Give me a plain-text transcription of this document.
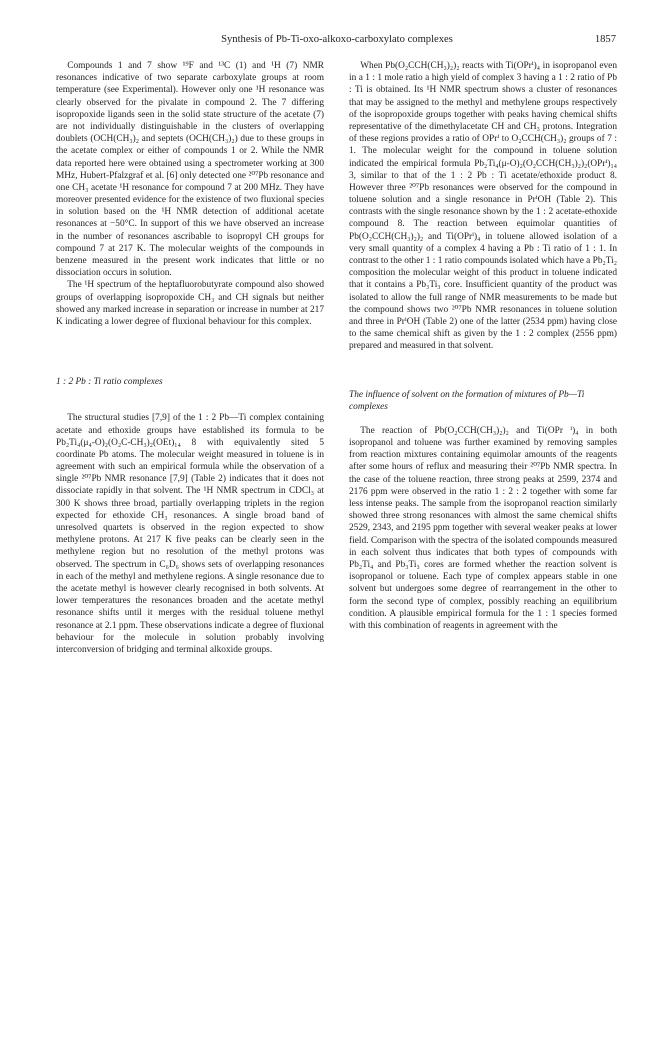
Synthesis of Pb-Ti-oxo-alkoxo-carboxylato complexes	1857

Compounds 1 and 7 show ¹⁹F and ¹³C (1) and ¹H (7) NMR resonances indicative of two separate carboxylate groups at room temperature (see Experimental). However only one ¹H resonance was clearly observed for the pivalate in compound 2. The 7 differing isopropoxide ligands seen in the solid state structure of the acetate (7) are not individually distinguishable in the clusters of overlapping doublets (OCH(CH₃)₂ and septets (OCH(CH₃)₂) due to these groups in the acetate complex or either of compounds 1 or 2. While the NMR data reported here were obtained using a spectrometer working at 300 MHz, Hubert-Pfalzgraf et al. [6] only detected one ²⁰⁷Pb resonance and one CH₃ acetate ¹H resonance for compound 7 at 200 MHz. They have moreover presented evidence for the existence of two fluxional species in solution based on the ¹H NMR detection of additional acetate resonances at −50°C. In support of this we have observed an increase in the number of resonances ascribable to isopropyl CH groups for compound 7 at 217 K. The molecular weights of the compounds in benzene measured in the present work indicates that little or no dissociation occurs in solution.

The ¹H spectrum of the heptafluorobutyrate compound also showed groups of overlapping isopropoxide CH₃ and CH signals but neither showed any marked increase in separation or increase in number at 217 K indicating a lower degree of fluxional behaviour for this complex.

1 : 2 Pb : Ti ratio complexes

The structural studies [7,9] of the 1 : 2 Pb—Ti complex containing acetate and ethoxide groups have established its formula to be Pb₂Ti₄(μ₄-O)₂(O₂C-CH₃)₂(OEt)₁₄ 8 with equivalently sited 5 coordinate Pb atoms. The molecular weight measured in toluene is in agreement with such an empirical formula while the observation of a single ²⁰⁷Pb NMR resonance [7,9] (Table 2) indicates that it does not dissociate rapidly in that solvent. The ¹H NMR spectrum in CDCl₃ at 300 K shows three broad, partially overlapping triplets in the region expected for ethoxide CH₃ resonances. A single broad band of unresolved quartets is observed in the region expected to show methylene protons. At 217 K five peaks can be clearly seen in the methylene region but no resolution of the methyl protons was observed. The spectrum in C₆D₆ shows sets of overlapping resonances in each of the methyl and methylene regions. A single resonance due to the acetate methyl is however clearly recognised in both solvents. At lower temperatures the resonances broaden and the acetate methyl resonance shifts until it merges with the residual toluene methyl resonance at 2.1 ppm. These observations indicate a degree of fluxional behaviour for the molecule in solution probably involving interconversion of bridging and terminal alkoxide groups.

When Pb(O₂CCH(CH₃)₂)₂ reacts with Ti(OPrⁱ)₄ in isopropanol even in a 1 : 1 mole ratio a high yield of complex 3 having a 1 : 2 ratio of Pb : Ti is obtained. Its ¹H NMR spectrum shows a cluster of resonances that may be assigned to the methyl and methylene groups respectively of the isopropoxide groups together with peaks having chemical shifts representative of the dimethylacetate CH and CH₃ protons. Integration of these regions provides a ratio of OPrⁱ to O₂CCH(CH₃)₂ groups of 7 : 1. The molecular weight for the compound in toluene solution indicated the empirical formula Pb₂Ti₄(μ-O)₂(O₂CCH(CH₃)₂)₂(OPrⁱ)₁₄ 3, similar to that of the 1 : 2 Pb : Ti acetate/ethoxide product 8. However three ²⁰⁷Pb resonances were observed for the compound in toluene solution and a single resonance in PrⁱOH (Table 2). This contrasts with the single resonance shown by the 1 : 2 acetate-ethoxide compound 8. The reaction between equimolar quantities of Pb(O₂CCH(CH₃)₂)₂ and Ti(OPrⁱ)₄ in toluene allowed isolation of a very small quantity of a complex 4 having a Pb : Ti ratio of 1 : 1. In contrast to the other 1 : 1 ratio compounds isolated which have a Pb₂Ti₂ composition the molecular weight of this product in toluene indicated that it contains a Pb₃Ti₃ core. Insufficient quantity of the product was isolated to allow the full range of NMR measurements to be made but the compound shows two ²⁰⁷Pb NMR resonances in toluene solution and three in PrⁱOH (Table 2) one of the latter (2534 ppm) having close to the same chemical shift as given by the 1 : 2 complex (2556 ppm) prepared and measured in that solvent.

The influence of solvent on the formation of mixtures of Pb—Ti complexes

The reaction of Pb(O₂CCH(CH₃)₂)₂ and Ti(OPr ⁱ)₄ in both isopropanol and toluene was further examined by removing samples from reaction mixtures containing equimolar amounts of the reagents after some hours of reflux and measuring their ²⁰⁷Pb NMR spectra. In the case of the toluene reaction, three strong peaks at 2599, 2374 and 2176 ppm were observed in the ratio 1 : 2 : 2 together with some far less intense peaks. The sample from the isopropanol reaction similarly showed three strong resonances with almost the same chemical shifts 2529, 2343, and 2195 ppm together with several weaker peaks at lower field. Comparison with the spectra of the isolated compounds measured in each solvent thus indicates that both types of compounds with Pb₂Ti₄ and Pb₃Ti₃ cores are formed whether the reaction solvent is isopropanol or toluene. Each type of complex appears stable in one solvent but undergoes some degree of rearrangement in the other to form the second type of complex, possibly reaching an equilibrium condition. A plausible empirical formula for the 1 : 1 species formed with this combination of reagents in agreement with the
